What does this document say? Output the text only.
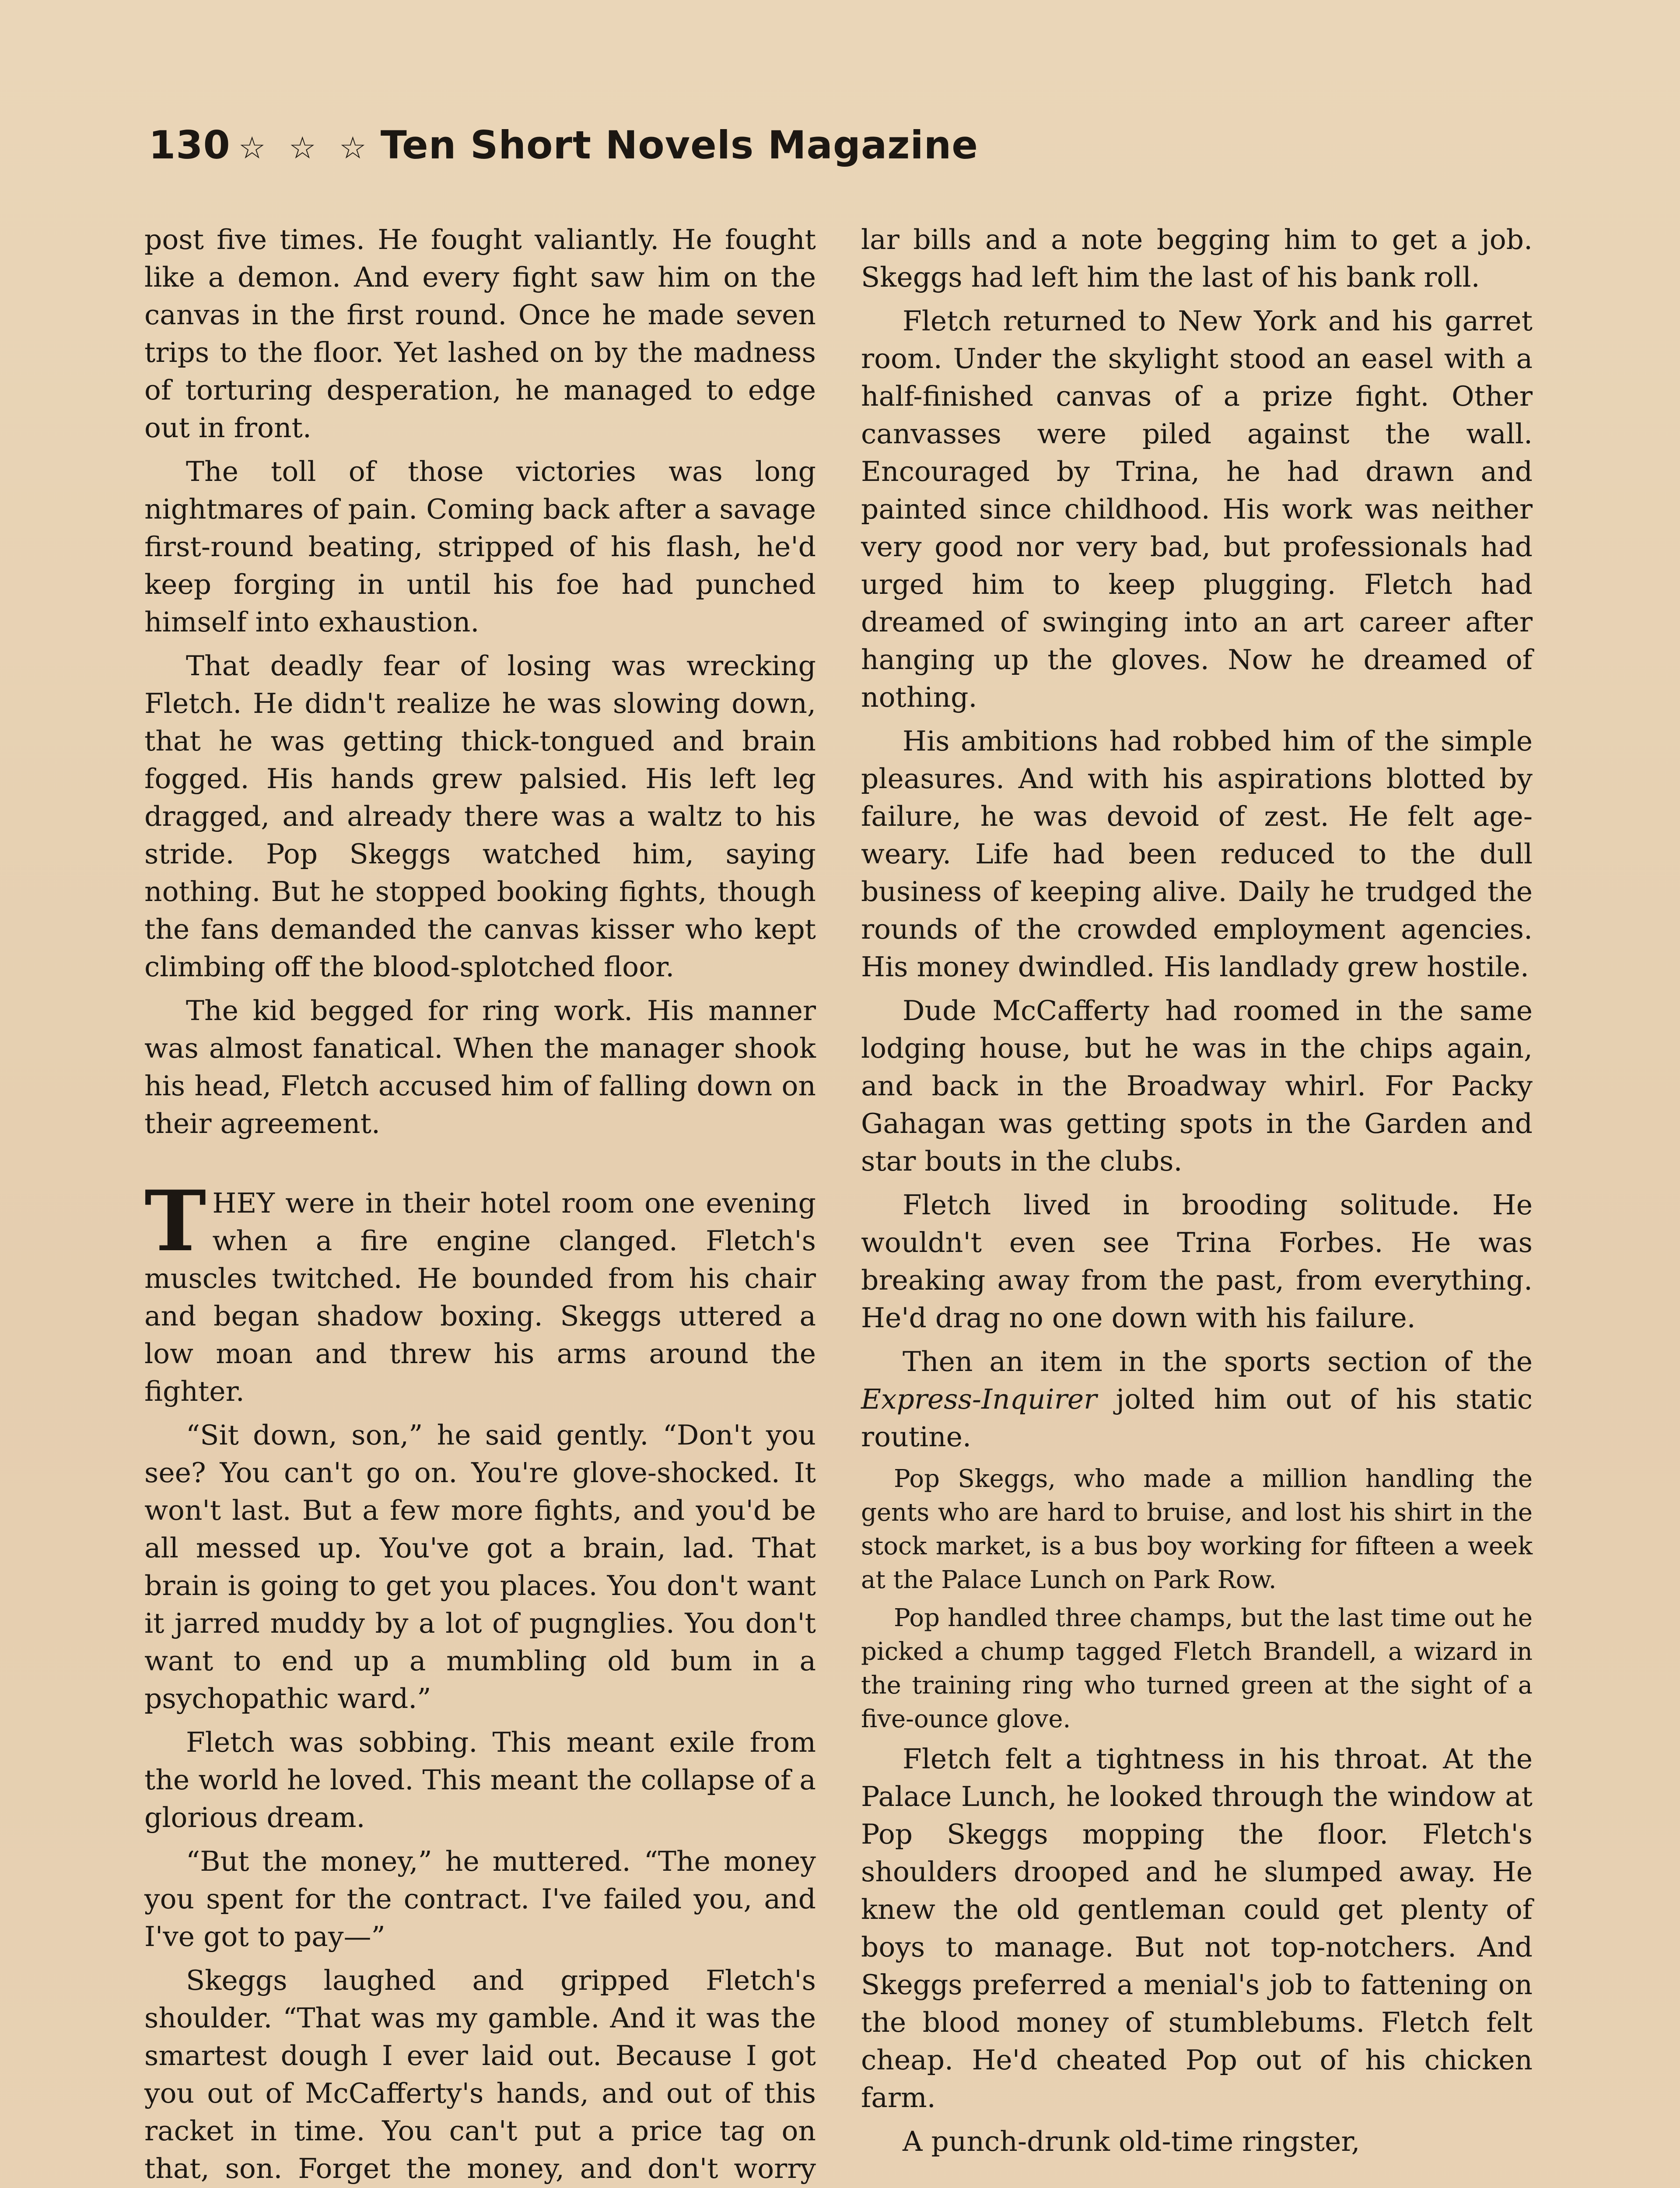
130 ☆ ☆ ☆ Ten Short Novels Magazine

post five times. He fought valiantly. He fought like a demon. And every fight saw him on the canvas in the first round. Once he made seven trips to the floor. Yet lashed on by the madness of torturing desperation, he managed to edge out in front.

The toll of those victories was long nightmares of pain. Coming back after a savage first-round beating, stripped of his flash, he'd keep forging in until his foe had punched himself into exhaustion.

That deadly fear of losing was wrecking Fletch. He didn't realize he was slowing down, that he was getting thick-tongued and brain fogged. His hands grew palsied. His left leg dragged, and already there was a waltz to his stride. Pop Skeggs watched him, saying nothing. But he stopped booking fights, though the fans demanded the canvas kisser who kept climbing off the blood-splotched floor.

The kid begged for ring work. His manner was almost fanatical. When the manager shook his head, Fletch accused him of falling down on their agreement.

THEY were in their hotel room one evening when a fire engine clanged. Fletch's muscles twitched. He bounded from his chair and began shadow boxing. Skeggs uttered a low moan and threw his arms around the fighter.

“Sit down, son,” he said gently. “Don't you see? You can't go on. You're glove-shocked. It won't last. But a few more fights, and you'd be all messed up. You've got a brain, lad. That brain is going to get you places. You don't want it jarred muddy by a lot of pugnglies. You don't want to end up a mumbling old bum in a psychopathic ward.”

Fletch was sobbing. This meant exile from the world he loved. This meant the collapse of a glorious dream.

“But the money,” he muttered. “The money you spent for the contract. I've failed you, and I've got to pay—”

Skeggs laughed and gripped Fletch's shoulder. “That was my gamble. And it was the smartest dough I ever laid out. Because I got you out of McCafferty's hands, and out of this racket in time. You can't put a price tag on that, son. Forget the money, and don't worry

lar bills and a note begging him to get a job. Skeggs had left him the last of his bank roll.

Fletch returned to New York and his garret room. Under the skylight stood an easel with a half-finished canvas of a prize fight. Other canvasses were piled against the wall. Encouraged by Trina, he had drawn and painted since childhood. His work was neither very good nor very bad, but professionals had urged him to keep plugging. Fletch had dreamed of swinging into an art career after hanging up the gloves. Now he dreamed of nothing.

His ambitions had robbed him of the simple pleasures. And with his aspirations blotted by failure, he was devoid of zest. He felt age-weary. Life had been reduced to the dull business of keeping alive. Daily he trudged the rounds of the crowded employment agencies. His money dwindled. His landlady grew hostile.

Dude McCafferty had roomed in the same lodging house, but he was in the chips again, and back in the Broadway whirl. For Packy Gahagan was getting spots in the Garden and star bouts in the clubs.

Fletch lived in brooding solitude. He wouldn't even see Trina Forbes. He was breaking away from the past, from everything. He'd drag no one down with his failure.

Then an item in the sports section of the Express-Inquirer jolted him out of his static routine.

Pop Skeggs, who made a million handling the gents who are hard to bruise, and lost his shirt in the stock market, is a bus boy working for fifteen a week at the Palace Lunch on Park Row.

Pop handled three champs, but the last time out he picked a chump tagged Fletch Brandell, a wizard in the training ring who turned green at the sight of a five-ounce glove.

Fletch felt a tightness in his throat. At the Palace Lunch, he looked through the window at Pop Skeggs mopping the floor. Fletch's shoulders drooped and he slumped away. He knew the old gentleman could get plenty of boys to manage. But not top-notchers. And Skeggs preferred a menial's job to fattening on the blood money of stumblebums. Fletch felt cheap. He'd cheated Pop out of his chicken farm.

A punch-drunk old-time ringster,
